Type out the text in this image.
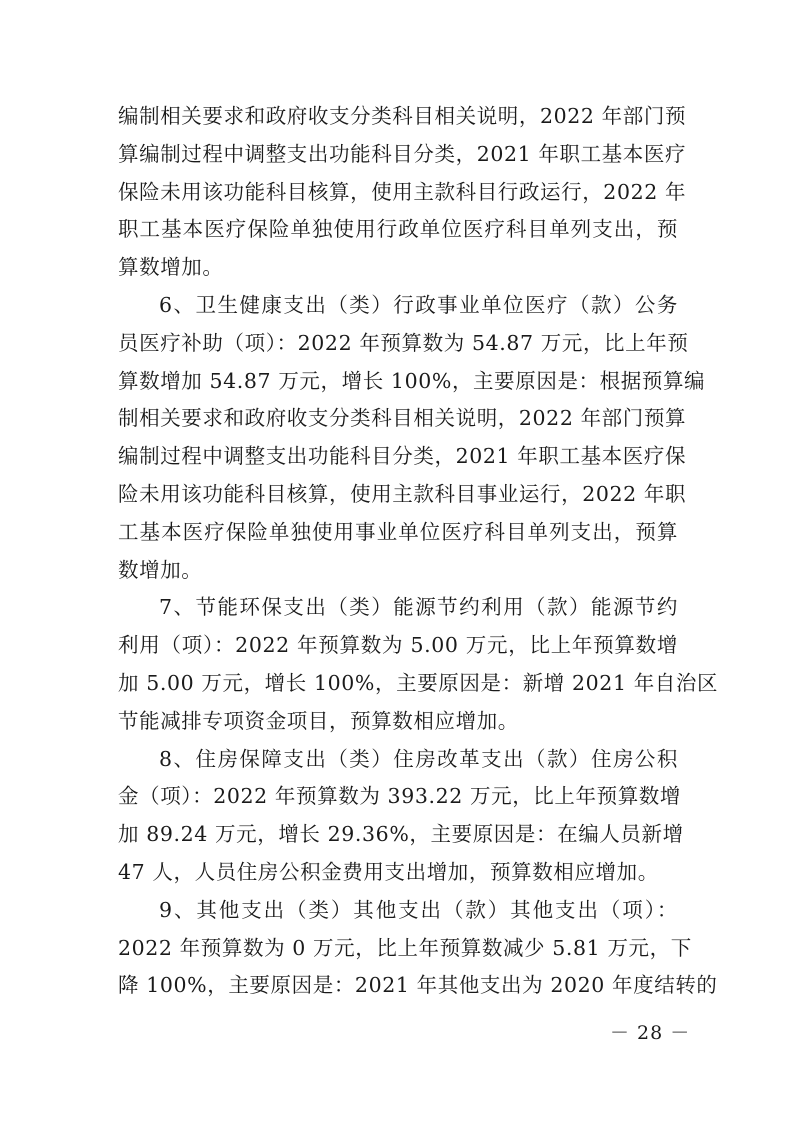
编制相关要求和政府收支分类科目相关说明，2022 年部门预
算编制过程中调整支出功能科目分类，2021 年职工基本医疗
保险未用该功能科目核算，使用主款科目行政运行，2022 年
职工基本医疗保险单独使用行政单位医疗科目单列支出，预
算数增加。
6、卫生健康支出（类）行政事业单位医疗（款）公务
员医疗补助（项）：2022 年预算数为 54.87 万元，比上年预
算数增加 54.87 万元，增长 100%，主要原因是：根据预算编
制相关要求和政府收支分类科目相关说明，2022 年部门预算
编制过程中调整支出功能科目分类，2021 年职工基本医疗保
险未用该功能科目核算，使用主款科目事业运行，2022 年职
工基本医疗保险单独使用事业单位医疗科目单列支出，预算
数增加。
7、节能环保支出（类）能源节约利用（款）能源节约
利用（项）：2022 年预算数为 5.00 万元，比上年预算数增
加 5.00 万元，增长 100%，主要原因是：新增 2021 年自治区
节能减排专项资金项目，预算数相应增加。
8、住房保障支出（类）住房改革支出（款）住房公积
金（项）：2022 年预算数为 393.22 万元，比上年预算数增
加 89.24 万元，增长 29.36%，主要原因是：在编人员新增
47 人，人员住房公积金费用支出增加，预算数相应增加。
9、其他支出（类）其他支出（款）其他支出（项）：
2022 年预算数为 0 万元，比上年预算数减少 5.81 万元，下
降 100%，主要原因是：2021 年其他支出为 2020 年度结转的
－ 28 －
